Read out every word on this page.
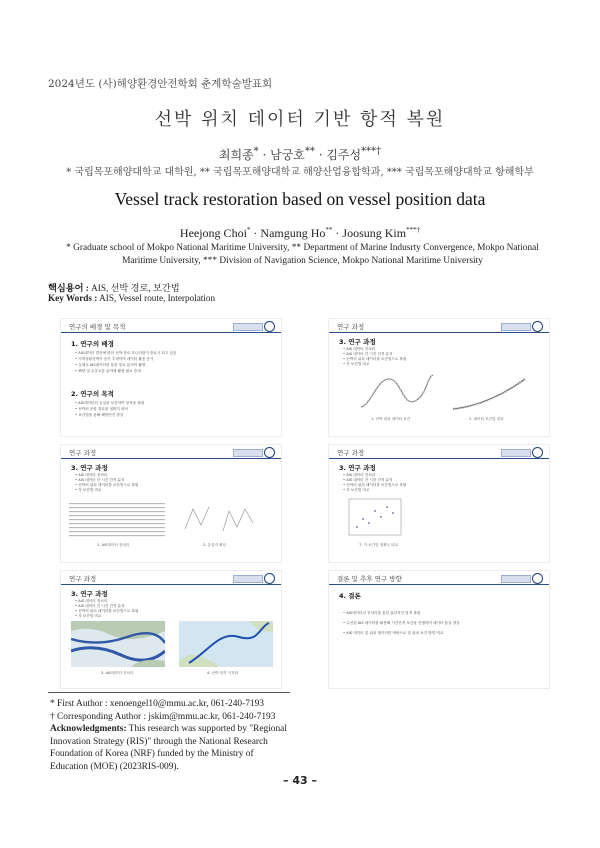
2024년도 (사)해양환경안전학회 춘계학술발표회
선박 위치 데이터 기반 항적 복원
최희종* · 남궁호** · 김주성***†
* 국립목포해양대학교 대학원, ** 국립목포해양대학교 해양산업융합학과, *** 국립목포해양대학교 항해학부
Vessel track restoration based on vessel position data
Heejong Choi* · Namgung Ho** · Joosung Kim***†
* Graduate school of Mokpo National Maritime University, ** Department of Marine Indusrty Convergence, Mokpo National Maritime University, *** Division of Navigation Science, Mokpo National Maritime University
핵심용어 : AIS, 선박 경로, 보간법
Key Words : AIS, Vessel route, Interpolation
연구의 배경 및 목적
1. 연구의 배경
• AIS데이터 발전에 따라 선박 항로 모니터링이 중요시 되고 있음
• 지역상황선박이 증가 추세이며 데이터 활용 증가
• 실제로 AIS데이터를 통한 항로 분석이 활발
• 해양 및 수상교통 분야에 활용 필요 증대
2. 연구의 목적
• AIS데이터의 유실을 보간하여 항적을 복원
• 선박의 운항 경로를 정확히 파악
• 보간법을 통해 해양안전 향상
연구 과정
3. 연구 과정
• AIS 데이터 전처리
• AIS 데이터 간 시간 간격 분석
• 선박의 위치 데이터를 보간법으로 복원
• 각 보간법 비교
1. 선박 위치 데이터 보간	2. 데이터 보간법 결과
연구 과정
3. 연구 과정
• AIS 데이터 전처리
• AIS 데이터 간 시간 간격 분석
• 선박의 위치 데이터를 보간법으로 복원
• 각 보간법 비교
1. AIS데이터 전처리	2. 유실지 확인
연구 과정
3. 연구 과정
• AIS 데이터 전처리
• AIS 데이터 간 시간 간격 분석
• 선박의 위치 데이터를 보간법으로 복원
• 각 보간법 비교
7. 각 보간법 정확도 비교
연구 과정
3. 연구 과정
• AIS 데이터 전처리
• AIS 데이터 간 시간 간격 분석
• 선박의 위치 데이터를 보간법으로 복원
• 각 보간법 비교
3. AIS데이터 전처리	4. 선박 항적 시각화
결론 및 추후 연구 방향
4. 결론
• AIS데이터의 전처리를 통한 효과적인 항적 복원
• 수신된 AIS 데이터를 활용해 시간간격 보간을 진행하여 데이터 품질 향상
• AIS 데이터 및 위치 데이터를 바탕으로 한 위치 보간 방법 비교
* First Author : xenoengel10@mmu.ac.kr, 061-240-7193
† Corresponding Author : jskim@mmu.ac.kr, 061-240-7193
Acknowledgments: This research was supported by "Regional Innovation Strategy (RIS)" through the National Research Foundation of Korea (NRF) funded by the Ministry of Education (MOE) (2023RIS-009).
– 43 –
